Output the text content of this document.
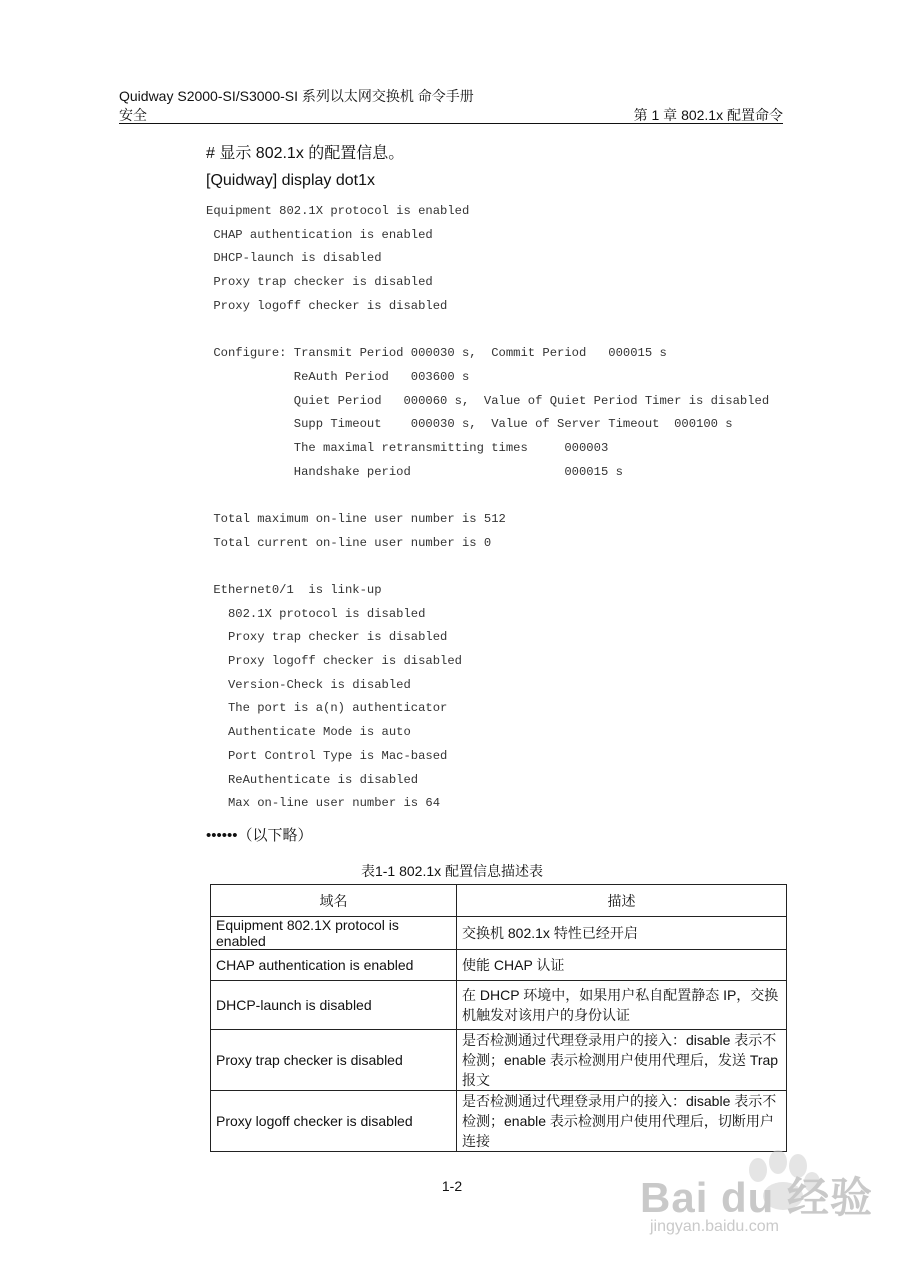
Quidway S2000-SI/S3000-SI 系列以太网交换机 命令手册
安全	第 1 章 802.1x 配置命令
# 显示 802.1x 的配置信息。
[Quidway] display dot1x
Equipment 802.1X protocol is enabled
CHAP authentication is enabled
DHCP-launch is disabled
Proxy trap checker is disabled
Proxy logoff checker is disabled
Configure: Transmit Period 000030 s,  Commit Period   000015 s
ReAuth Period   003600 s
Quiet Period   000060 s,  Value of Quiet Period Timer is disabled
Supp Timeout    000030 s,  Value of Server Timeout  000100 s
The maximal retransmitting times     000003
Handshake period                     000015 s
Total maximum on-line user number is 512
Total current on-line user number is 0
Ethernet0/1  is link-up
802.1X protocol is disabled
Proxy trap checker is disabled
Proxy logoff checker is disabled
Version-Check is disabled
The port is a(n) authenticator
Authenticate Mode is auto
Port Control Type is Mac-based
ReAuthenticate is disabled
Max on-line user number is 64
••••••（以下略）
表1-1 802.1x 配置信息描述表
域名	描述
Equipment 802.1X protocol is enabled	交换机 802.1x 特性已经开启
CHAP authentication is enabled	使能 CHAP 认证
DHCP-launch is disabled	在 DHCP 环境中，如果用户私自配置静态 IP，交换机触发对该用户的身份认证
Proxy trap checker is disabled	是否检测通过代理登录用户的接入：disable 表示不检测；enable 表示检测用户使用代理后，发送 Trap 报文
Proxy logoff checker is disabled	是否检测通过代理登录用户的接入：disable 表示不检测；enable 表示检测用户使用代理后，切断用户连接
1-2	Bai du 经验
jingyan.baidu.com
